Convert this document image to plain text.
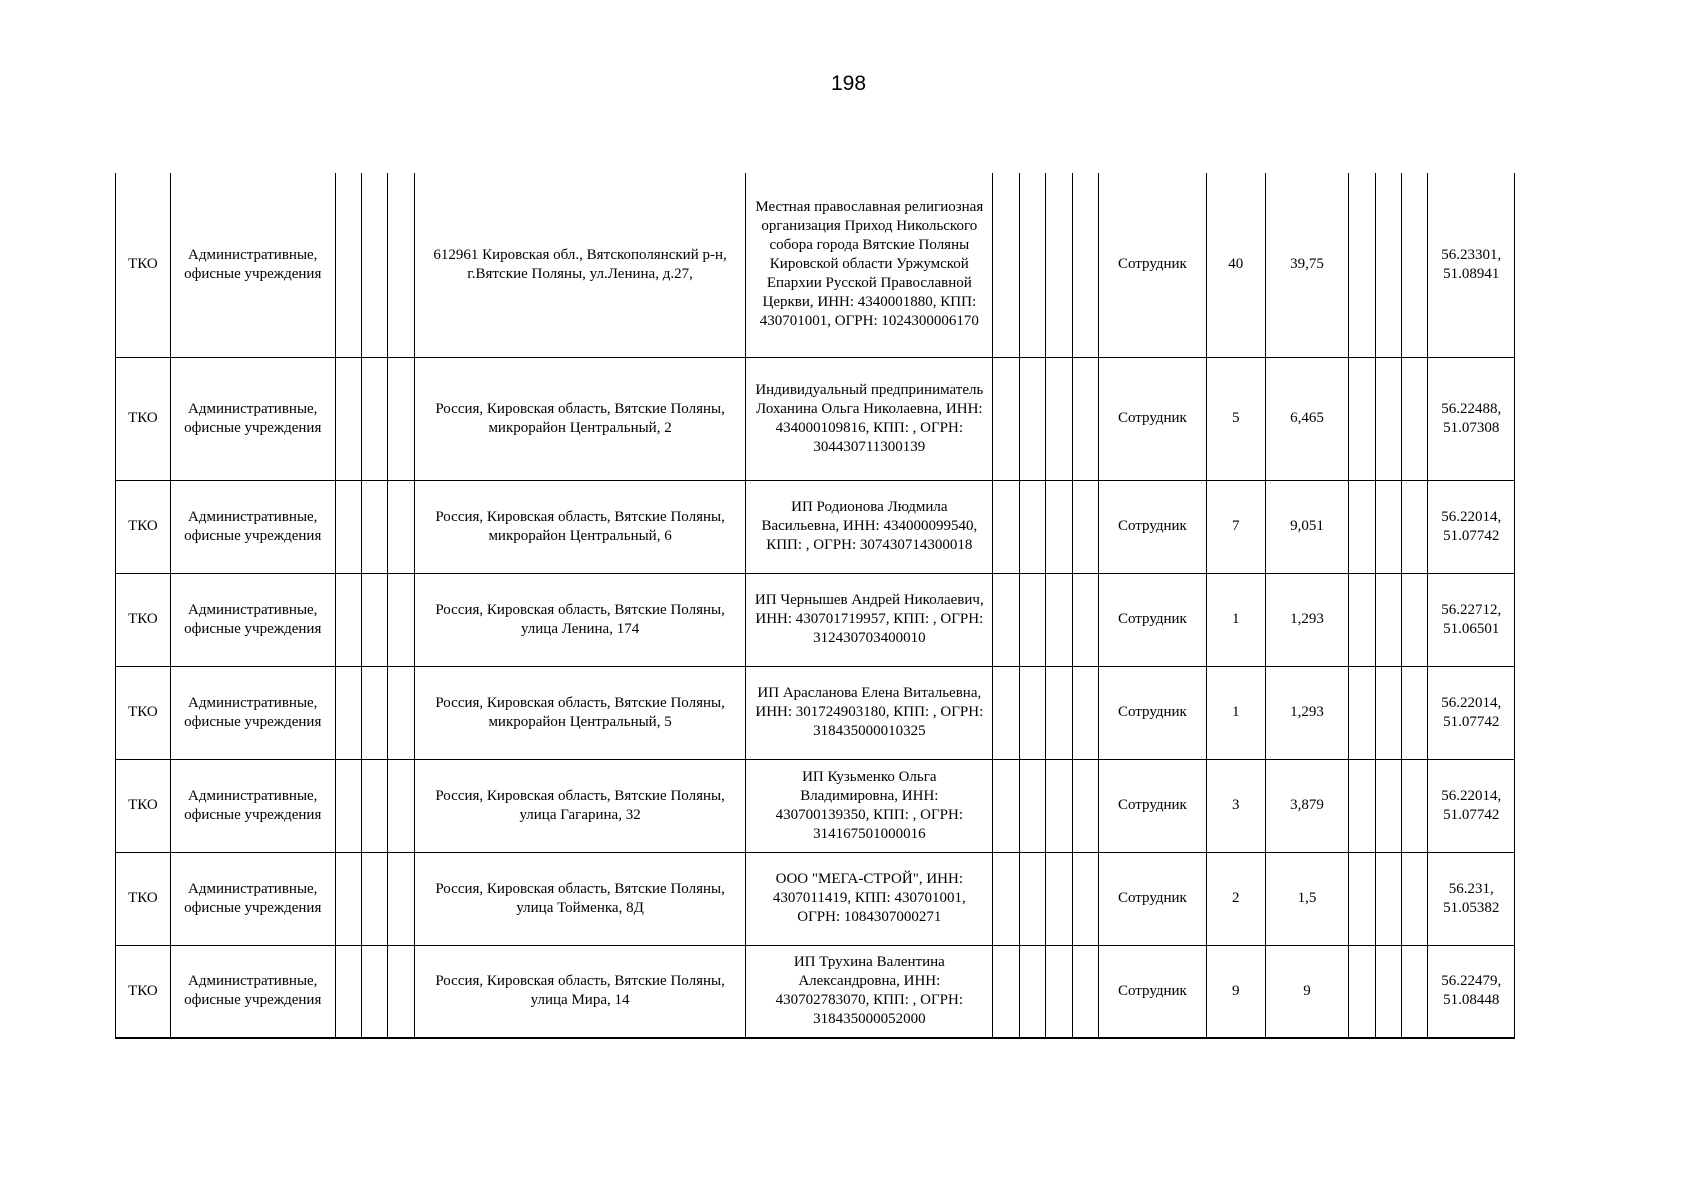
198
ТКО	Административные, офисные учреждения				612961 Кировская обл., Вятскополянский р-н, г.Вятские Поляны, ул.Ленина, д.27,	Местная православная религиозная организация Приход Никольского собора города Вятские Поляны Кировской области Уржумской Епархии Русской Православной Церкви, ИНН: 4340001880, КПП: 430701001, ОГРН: 1024300006170					Сотрудник	40	39,75				56.23301, 51.08941
ТКО	Административные, офисные учреждения				Россия, Кировская область, Вятские Поляны, микрорайон Центральный, 2	Индивидуальный предприниматель Лоханина Ольга Николаевна, ИНН: 434000109816, КПП: , ОГРН: 304430711300139					Сотрудник	5	6,465				56.22488, 51.07308
ТКО	Административные, офисные учреждения				Россия, Кировская область, Вятские Поляны, микрорайон Центральный, 6	ИП Родионова Людмила Васильевна, ИНН: 434000099540, КПП: , ОГРН: 307430714300018					Сотрудник	7	9,051				56.22014, 51.07742
ТКО	Административные, офисные учреждения				Россия, Кировская область, Вятские Поляны, улица Ленина, 174	ИП Чернышев Андрей Николаевич, ИНН: 430701719957, КПП: , ОГРН: 312430703400010					Сотрудник	1	1,293				56.22712, 51.06501
ТКО	Административные, офисные учреждения				Россия, Кировская область, Вятские Поляны, микрорайон Центральный, 5	ИП Арасланова Елена Витальевна, ИНН: 301724903180, КПП: , ОГРН: 318435000010325					Сотрудник	1	1,293				56.22014, 51.07742
ТКО	Административные, офисные учреждения				Россия, Кировская область, Вятские Поляны, улица Гагарина, 32	ИП Кузьменко Ольга Владимировна, ИНН: 430700139350, КПП: , ОГРН: 314167501000016					Сотрудник	3	3,879				56.22014, 51.07742
ТКО	Административные, офисные учреждения				Россия, Кировская область, Вятские Поляны, улица Тойменка, 8Д	ООО "МЕГА-СТРОЙ", ИНН: 4307011419, КПП: 430701001, ОГРН: 1084307000271					Сотрудник	2	1,5				56.231, 51.05382
ТКО	Административные, офисные учреждения				Россия, Кировская область, Вятские Поляны, улица Мира, 14	ИП Трухина Валентина Александровна, ИНН: 430702783070, КПП: , ОГРН: 318435000052000					Сотрудник	9	9				56.22479, 51.08448
